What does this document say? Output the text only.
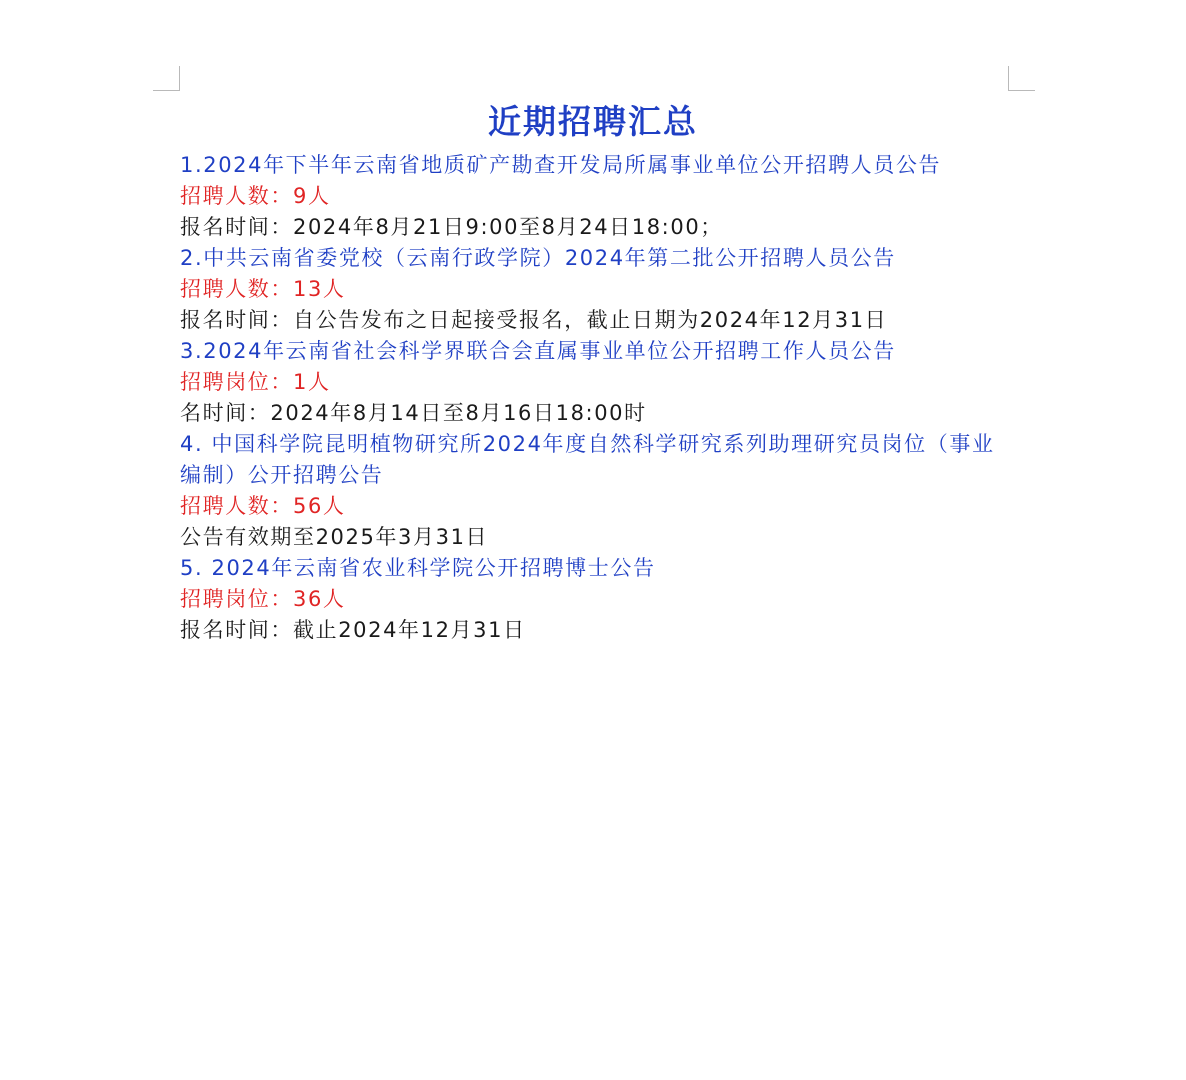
近期招聘汇总
1.2024年下半年云南省地质矿产勘查开发局所属事业单位公开招聘人员公告
招聘人数：9人
报名时间：2024年8月21日9:00至8月24日18:00；
2.中共云南省委党校（云南行政学院）2024年第二批公开招聘人员公告
招聘人数：13人
报名时间：自公告发布之日起接受报名，截止日期为2024年12月31日
3.2024年云南省社会科学界联合会直属事业单位公开招聘工作人员公告
招聘岗位：1人
名时间：2024年8月14日至8月16日18:00时
4. 中国科学院昆明植物研究所2024年度自然科学研究系列助理研究员岗位（事业编制）公开招聘公告
招聘人数：56人
公告有效期至2025年3月31日
5. 2024年云南省农业科学院公开招聘博士公告
招聘岗位：36人
报名时间：截止2024年12月31日
